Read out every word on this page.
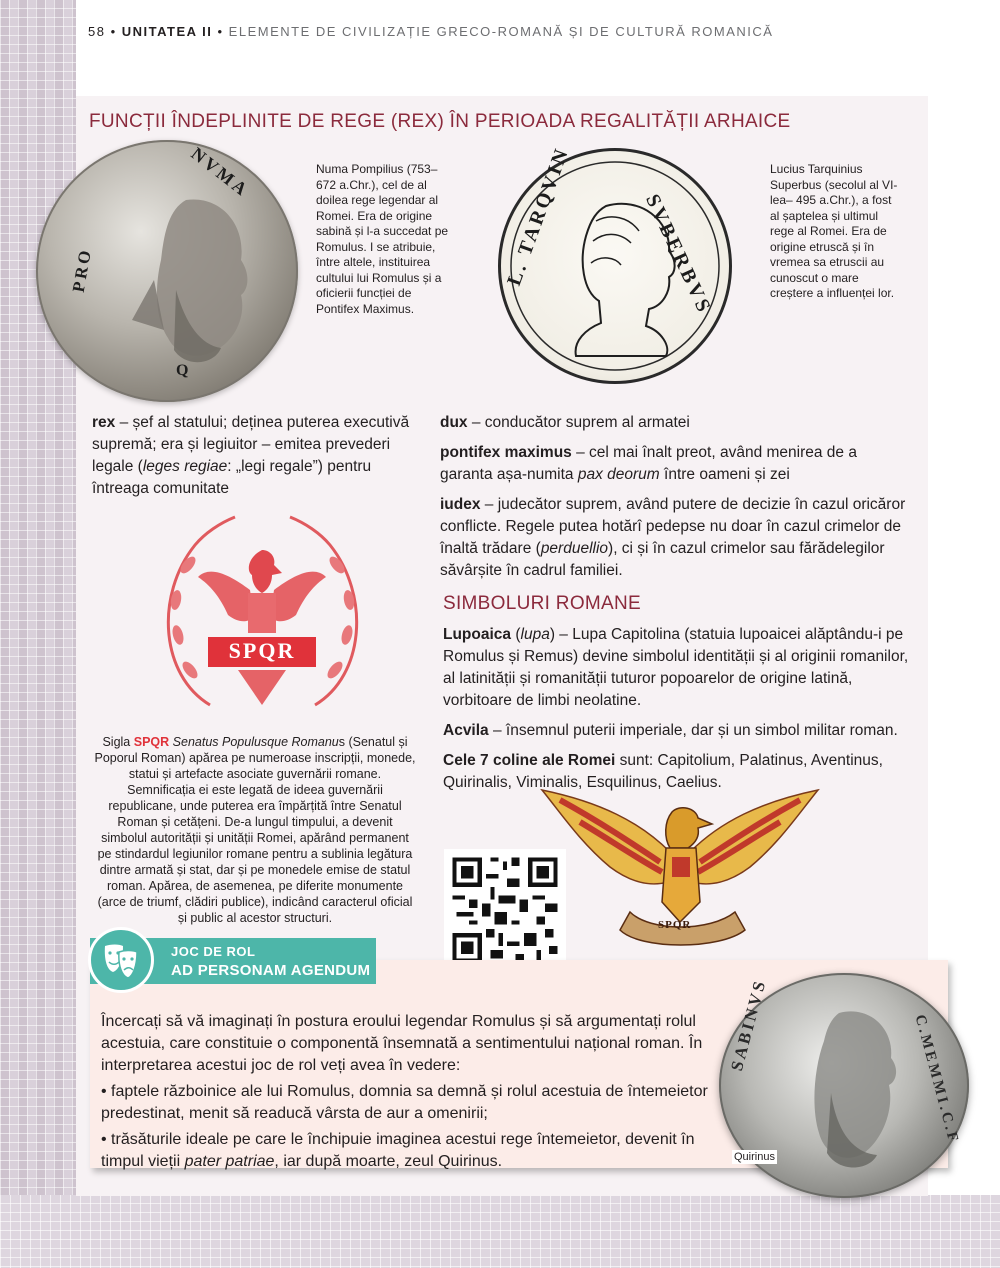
58 • UNITATEA II • ELEMENTE DE CIVILIZAȚIE GRECO-ROMANĂ ȘI DE CULTURĂ ROMANICĂ
FUNCȚII ÎNDEPLINITE DE REGE (REX) ÎN PERIOADA REGALITĂȚII ARHAICE
NVMA
PRO
Q
Numa Pompilius (753–672 a.Chr.), cel de al doilea rege legendar al Romei. Era de origine sabină și l-a succedat pe Romulus. I se atribuie, între altele, instituirea cultului lui Romulus și a oficierii funcției de Pontifex Maximus.
L. TARQVIN	SVBERBVS
Lucius Tarquinius Superbus (secolul al VI-lea– 495 a.Chr.), a fost al șaptelea și ultimul rege al Romei. Era de origine etruscă și în vremea sa etruscii au cunoscut o mare creștere a influenței lor.

rex – șef al statului; deținea puterea executivă supremă; era și legiuitor – emitea prevederi legale (leges regiae: „legi regale”) pentru întreaga comunitate

dux – conducător suprem al armatei

pontifex maximus – cel mai înalt preot, având menirea de a garanta așa-numita pax deorum între oameni și zei

iudex – judecător suprem, având putere de decizie în cazul oricăror conflicte. Regele putea hotărî pedepse nu doar în cazul crimelor de înaltă trădare (perduellio), ci și în cazul crimelor sau fărădelegilor săvârșite în cadrul familiei.

SPQR
Sigla SPQR Senatus Populusque Romanus (Senatul și Poporul Roman) apărea pe numeroase inscripții, monede, statui și artefacte asociate guvernării romane. Semnificația ei este legată de ideea guvernării republicane, unde puterea era împărțită între Senatul Roman și cetățeni. De-a lungul timpului, a devenit simbolul autorității și unității Romei, apărând permanent pe stindardul legiunilor romane pentru a sublinia legătura dintre armată și stat, dar și pe monedele emise de statul roman. Apărea, de asemenea, pe diferite monumente (arce de triumf, clădiri publice), indicând caracterul oficial și public al acestor structuri.
SIMBOLURI ROMANE

Lupoaica (lupa) – Lupa Capitolina (statuia lupoaicei alăptându-i pe Romulus și Remus) devine simbolul identității și al originii romanilor, al latinității și romanității tuturor popoarelor de origine latină, vorbitoare de limbi neolatine.

Acvila – însemnul puterii imperiale, dar și un simbol militar roman.

Cele 7 coline ale Romei sunt: Capitolium, Palatinus, Aventinus, Quirinalis, Viminalis, Esquilinus, Caelius.

SPQR
JOC DE ROL
AD PERSONAM AGENDUM

Încercați să vă imaginați în postura eroului legendar Romulus și să argumentați rolul acestuia, care constituie o componentă însemnată a sentimentului național roman. În interpretarea acestui joc de rol veți avea în vedere:

• faptele războinice ale lui Romulus, domnia sa demnă și rolul acestuia de întemeietor predestinat, menit să readucă vârsta de aur a omenirii;

• trăsăturile ideale pe care le închipuie imaginea acestui rege întemeietor, devenit în timpul vieții pater patriae, iar după moarte, zeul Quirinus.

SABINVS	C.MEMMI.C.F
Quirinus
